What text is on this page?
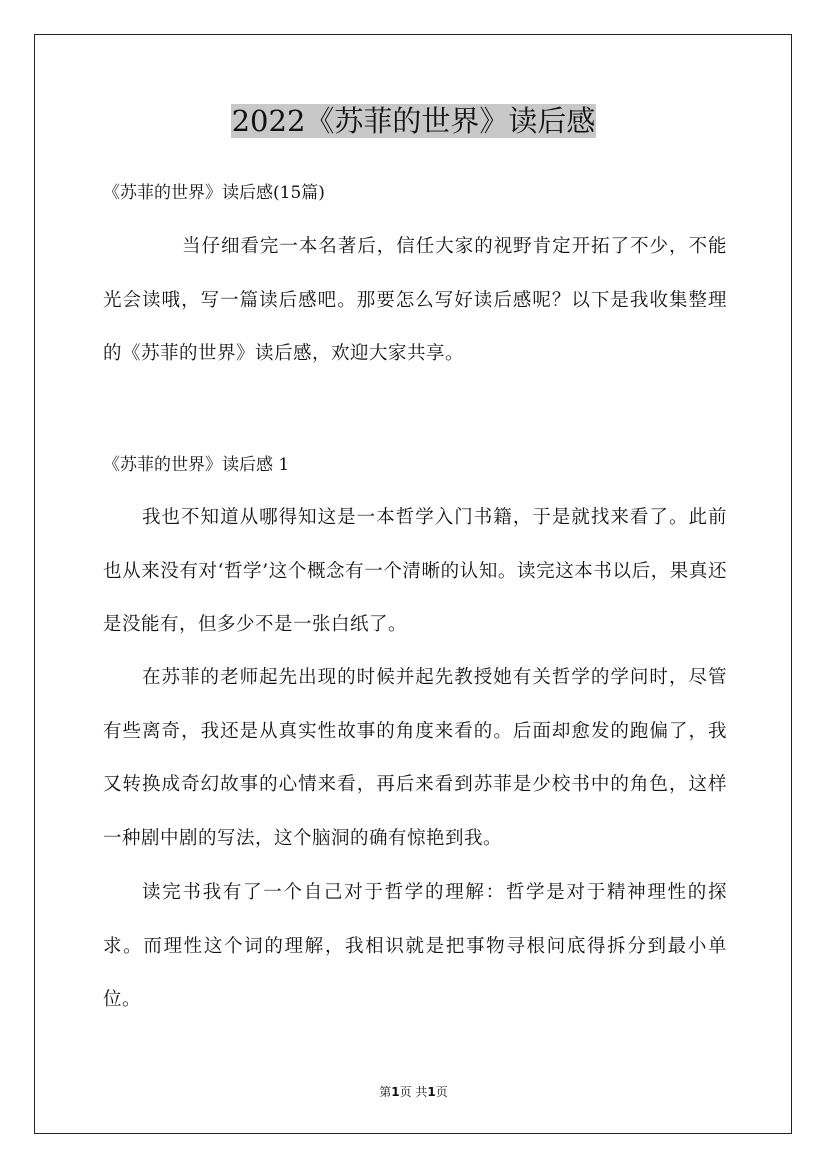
2022《苏菲的世界》读后感
《苏菲的世界》读后感(15篇)

当仔细看完一本名著后，信任大家的视野肯定开拓了不少，不能光会读哦，写一篇读后感吧。那要怎么写好读后感呢？以下是我收集整理的《苏菲的世界》读后感，欢迎大家共享。

《苏菲的世界》读后感 1

我也不知道从哪得知这是一本哲学入门书籍，于是就找来看了。此前也从来没有对‘哲学’这个概念有一个清晰的认知。读完这本书以后，果真还是没能有，但多少不是一张白纸了。

在苏菲的老师起先出现的时候并起先教授她有关哲学的学问时，尽管有些离奇，我还是从真实性故事的角度来看的。后面却愈发的跑偏了，我又转换成奇幻故事的心情来看，再后来看到苏菲是少校书中的角色，这样一种剧中剧的写法，这个脑洞的确有惊艳到我。

读完书我有了一个自己对于哲学的理解：哲学是对于精神理性的探求。而理性这个词的理解，我相识就是把事物寻根问底得拆分到最小单位。

第1页 共1页
